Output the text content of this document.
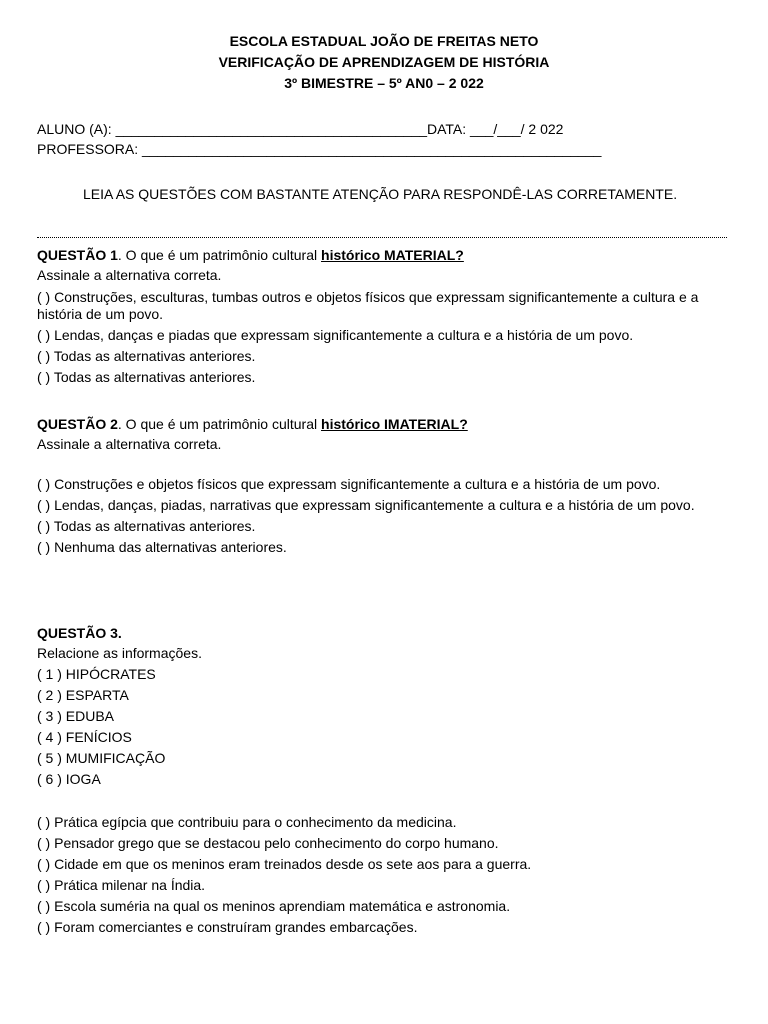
ESCOLA ESTADUAL JOÃO DE FREITAS NETO
VERIFICAÇÃO DE APRENDIZAGEM DE HISTÓRIA
3º BIMESTRE – 5º AN0 – 2 022
ALUNO (A): ________________________________________DATA: ___/___/ 2 022
PROFESSORA: ___________________________________________________________
LEIA AS QUESTÕES COM BASTANTE ATENÇÃO PARA RESPONDÊ-LAS CORRETAMENTE.
QUESTÃO 1. O que é um patrimônio cultural histórico MATERIAL?
Assinale a alternativa correta.
( ) Construções, esculturas, tumbas outros e objetos físicos que expressam significantemente a cultura e a história de um povo.
( ) Lendas, danças e piadas que expressam significantemente a cultura e a história de um povo.
( ) Todas as alternativas anteriores.
( ) Todas as alternativas anteriores.
QUESTÃO 2. O que é um patrimônio cultural histórico IMATERIAL?
Assinale a alternativa correta.
( ) Construções e objetos físicos que expressam significantemente a cultura e a história de um povo.
( ) Lendas, danças, piadas, narrativas que expressam significantemente a cultura e a história de um povo.
( ) Todas as alternativas anteriores.
( ) Nenhuma das alternativas anteriores.
QUESTÃO 3.
Relacione as informações.
( 1 ) HIPÓCRATES
( 2 ) ESPARTA
( 3 ) EDUBA
( 4 ) FENÍCIOS
( 5 ) MUMIFICAÇÃO
( 6 ) IOGA
( ) Prática egípcia que contribuiu para o conhecimento da medicina.
( ) Pensador grego que se destacou pelo conhecimento do corpo humano.
( ) Cidade em que os meninos eram treinados desde os sete aos para a guerra.
( ) Prática milenar na Índia.
( ) Escola suméria na qual os meninos aprendiam matemática e astronomia.
( ) Foram comerciantes e construíram grandes embarcações.
